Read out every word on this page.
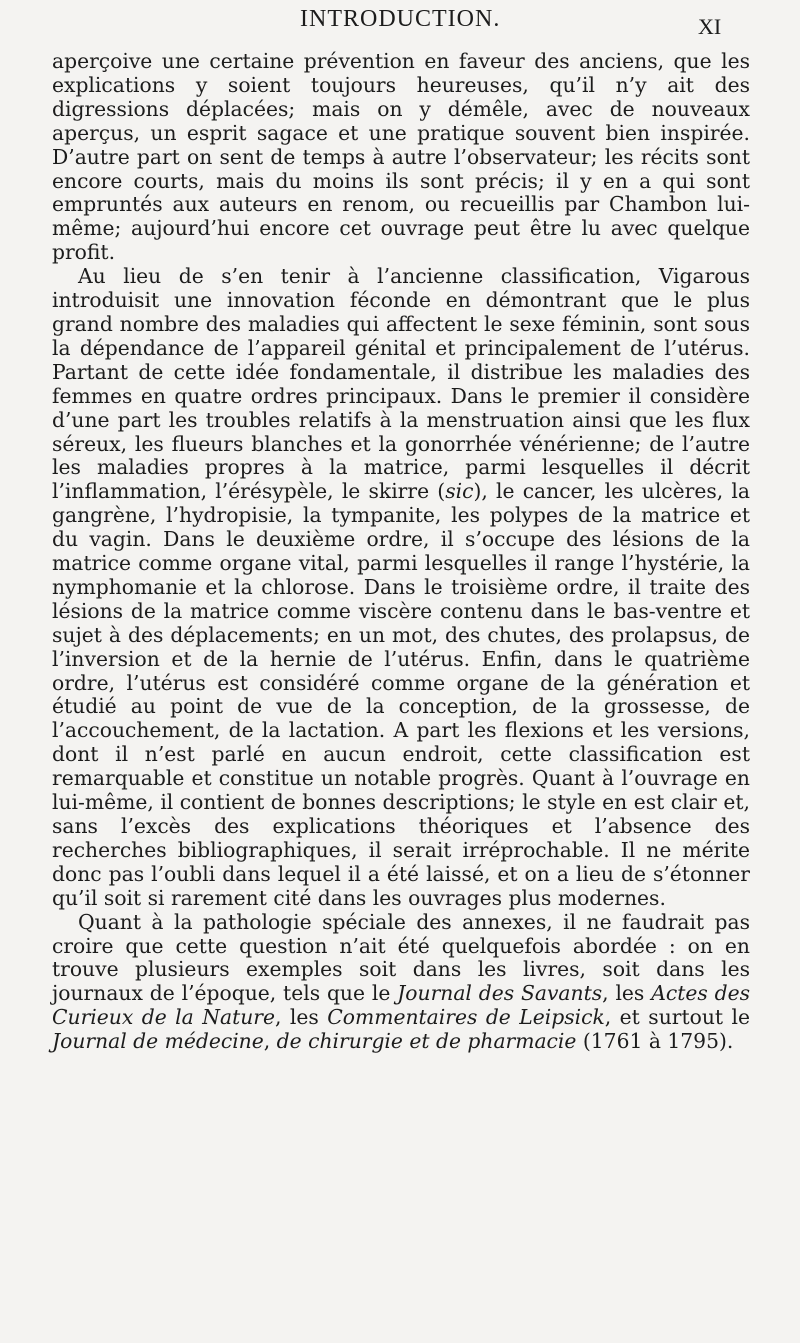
INTRODUCTION.	XI

aperçoive une certaine prévention en faveur des anciens, que les explications y soient toujours heureuses, qu’il n’y ait des digressions déplacées; mais on y démêle, avec de nouveaux aperçus, un esprit sagace et une pratique souvent bien inspirée. D’autre part on sent de temps à autre l’observateur; les récits sont encore courts, mais du moins ils sont précis; il y en a qui sont empruntés aux auteurs en renom, ou recueillis par Chambon lui-même; aujourd’hui encore cet ouvrage peut être lu avec quelque profit.

Au lieu de s’en tenir à l’ancienne classification, Vigarous introduisit une innovation féconde en démontrant que le plus grand nombre des maladies qui affectent le sexe féminin, sont sous la dépendance de l’appareil génital et principalement de l’utérus. Partant de cette idée fondamentale, il distribue les maladies des femmes en quatre ordres principaux. Dans le premier il considère d’une part les troubles relatifs à la menstruation ainsi que les flux séreux, les flueurs blanches et la gonorrhée vénérienne; de l’autre les maladies propres à la matrice, parmi lesquelles il décrit l’inflammation, l’érésypèle, le skirre (sic), le cancer, les ulcères, la gangrène, l’hydropisie, la tympanite, les polypes de la matrice et du vagin. Dans le deuxième ordre, il s’occupe des lésions de la matrice comme organe vital, parmi lesquelles il range l’hystérie, la nymphomanie et la chlorose. Dans le troisième ordre, il traite des lésions de la matrice comme viscère contenu dans le bas-ventre et sujet à des déplacements; en un mot, des chutes, des prolapsus, de l’inversion et de la hernie de l’utérus. Enfin, dans le quatrième ordre, l’utérus est considéré comme organe de la génération et étudié au point de vue de la conception, de la grossesse, de l’accouchement, de la lactation. A part les flexions et les versions, dont il n’est parlé en aucun endroit, cette classification est remarquable et constitue un notable progrès. Quant à l’ouvrage en lui-même, il contient de bonnes descriptions; le style en est clair et, sans l’excès des explications théoriques et l’absence des recherches bibliographiques, il serait irréprochable. Il ne mérite donc pas l’oubli dans lequel il a été laissé, et on a lieu de s’étonner qu’il soit si rarement cité dans les ouvrages plus modernes.

Quant à la pathologie spéciale des annexes, il ne faudrait pas croire que cette question n’ait été quelquefois abordée : on en trouve plusieurs exemples soit dans les livres, soit dans les journaux de l’époque, tels que le Journal des Savants, les Actes des Curieux de la Nature, les Commentaires de Leipsick, et surtout le Journal de médecine, de chirurgie et de pharmacie (1761 à 1795).
